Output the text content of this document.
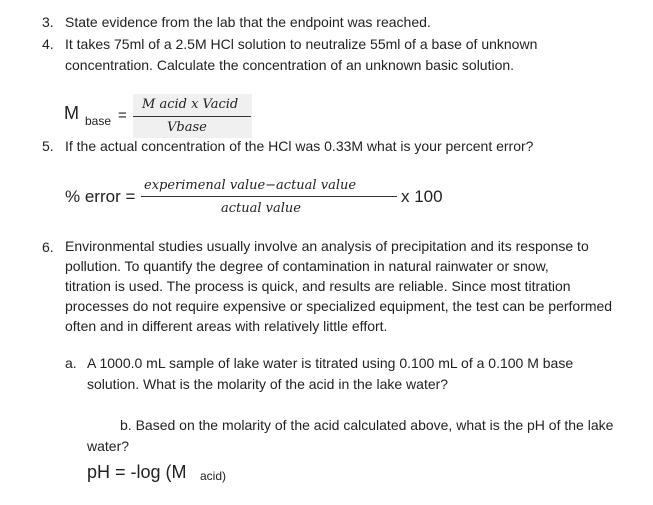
3. State evidence from the lab that the endpoint was reached.
4. It takes 75ml of a 2.5M HCl solution to neutralize 55ml of a base of unknown
concentration. Calculate the concentration of an unknown basic solution.
M base =
M acid x Vacid
Vbase
5. If the actual concentration of the HCl was 0.33M what is your percent error?
% error =
experimenal value−actual value
actual value
x 100
6. Environmental studies usually involve an analysis of precipitation and its response to
pollution. To quantify the degree of contamination in natural rainwater or snow,
titration is used. The process is quick, and results are reliable. Since most titration
processes do not require expensive or specialized equipment, the test can be performed
often and in different areas with relatively little effort.
a. A 1000.0 mL sample of lake water is titrated using 0.100 mL of a 0.100 M base
solution. What is the molarity of the acid in the lake water?
b. Based on the molarity of the acid calculated above, what is the pH of the lake
water?
pH = -log (M acid)
